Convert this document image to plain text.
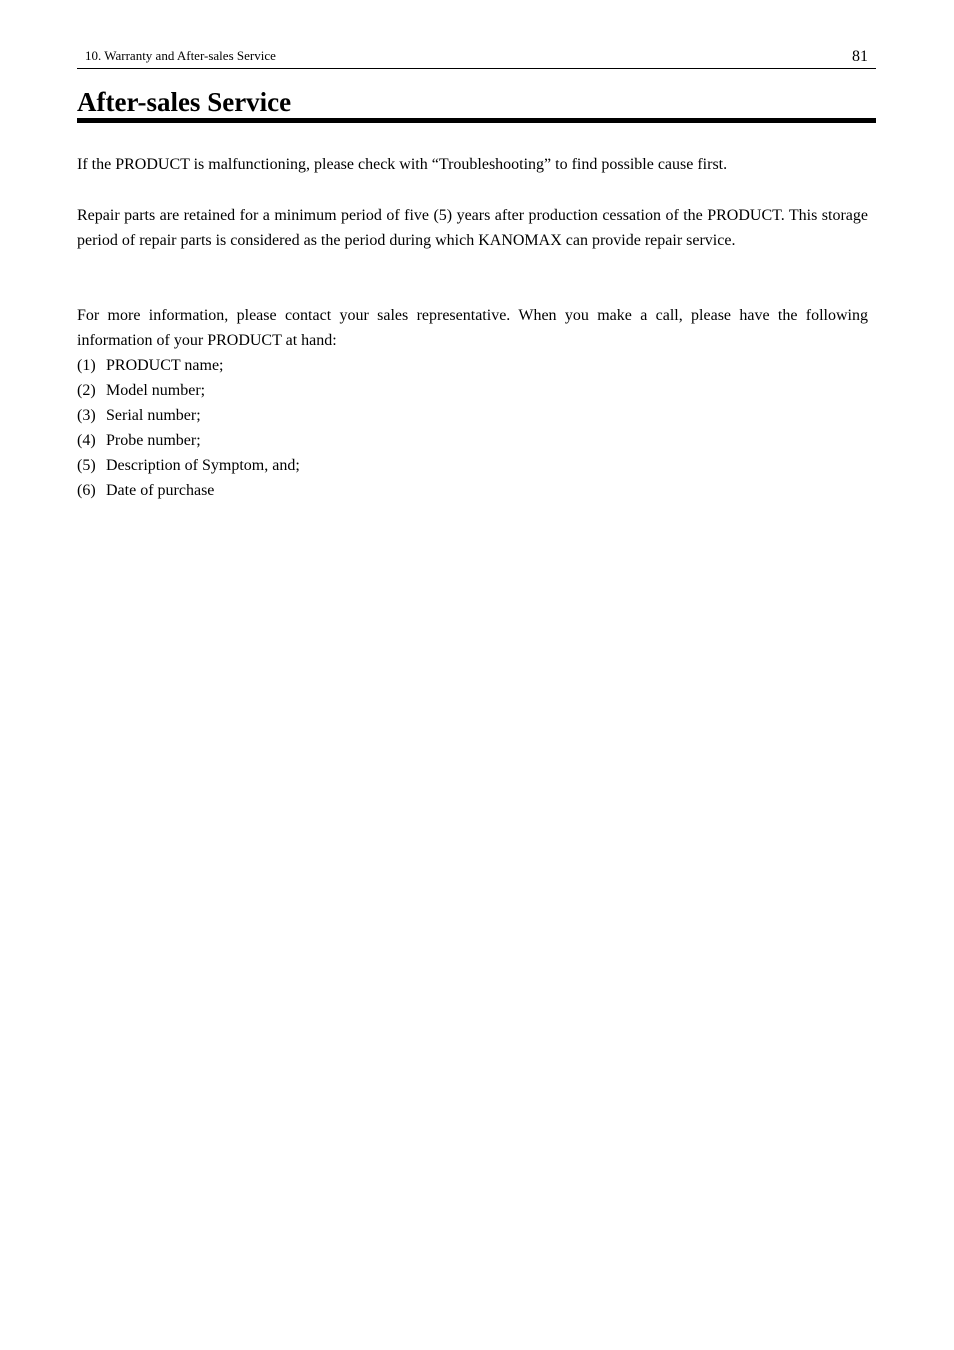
10. Warranty and After-sales Service	81
After-sales Service

If the PRODUCT is malfunctioning, please check with “Troubleshooting” to find possible cause first.

Repair parts are retained for a minimum period of five (5) years after production cessation of the PRODUCT. This storage period of repair parts is considered as the period during which KANOMAX can provide repair service.

For more information, please contact your sales representative. When you make a call, please have the following information of your PRODUCT at hand:

(1) PRODUCT name;
(2) Model number;
(3) Serial number;
(4) Probe number;
(5) Description of Symptom, and;
(6) Date of purchase
